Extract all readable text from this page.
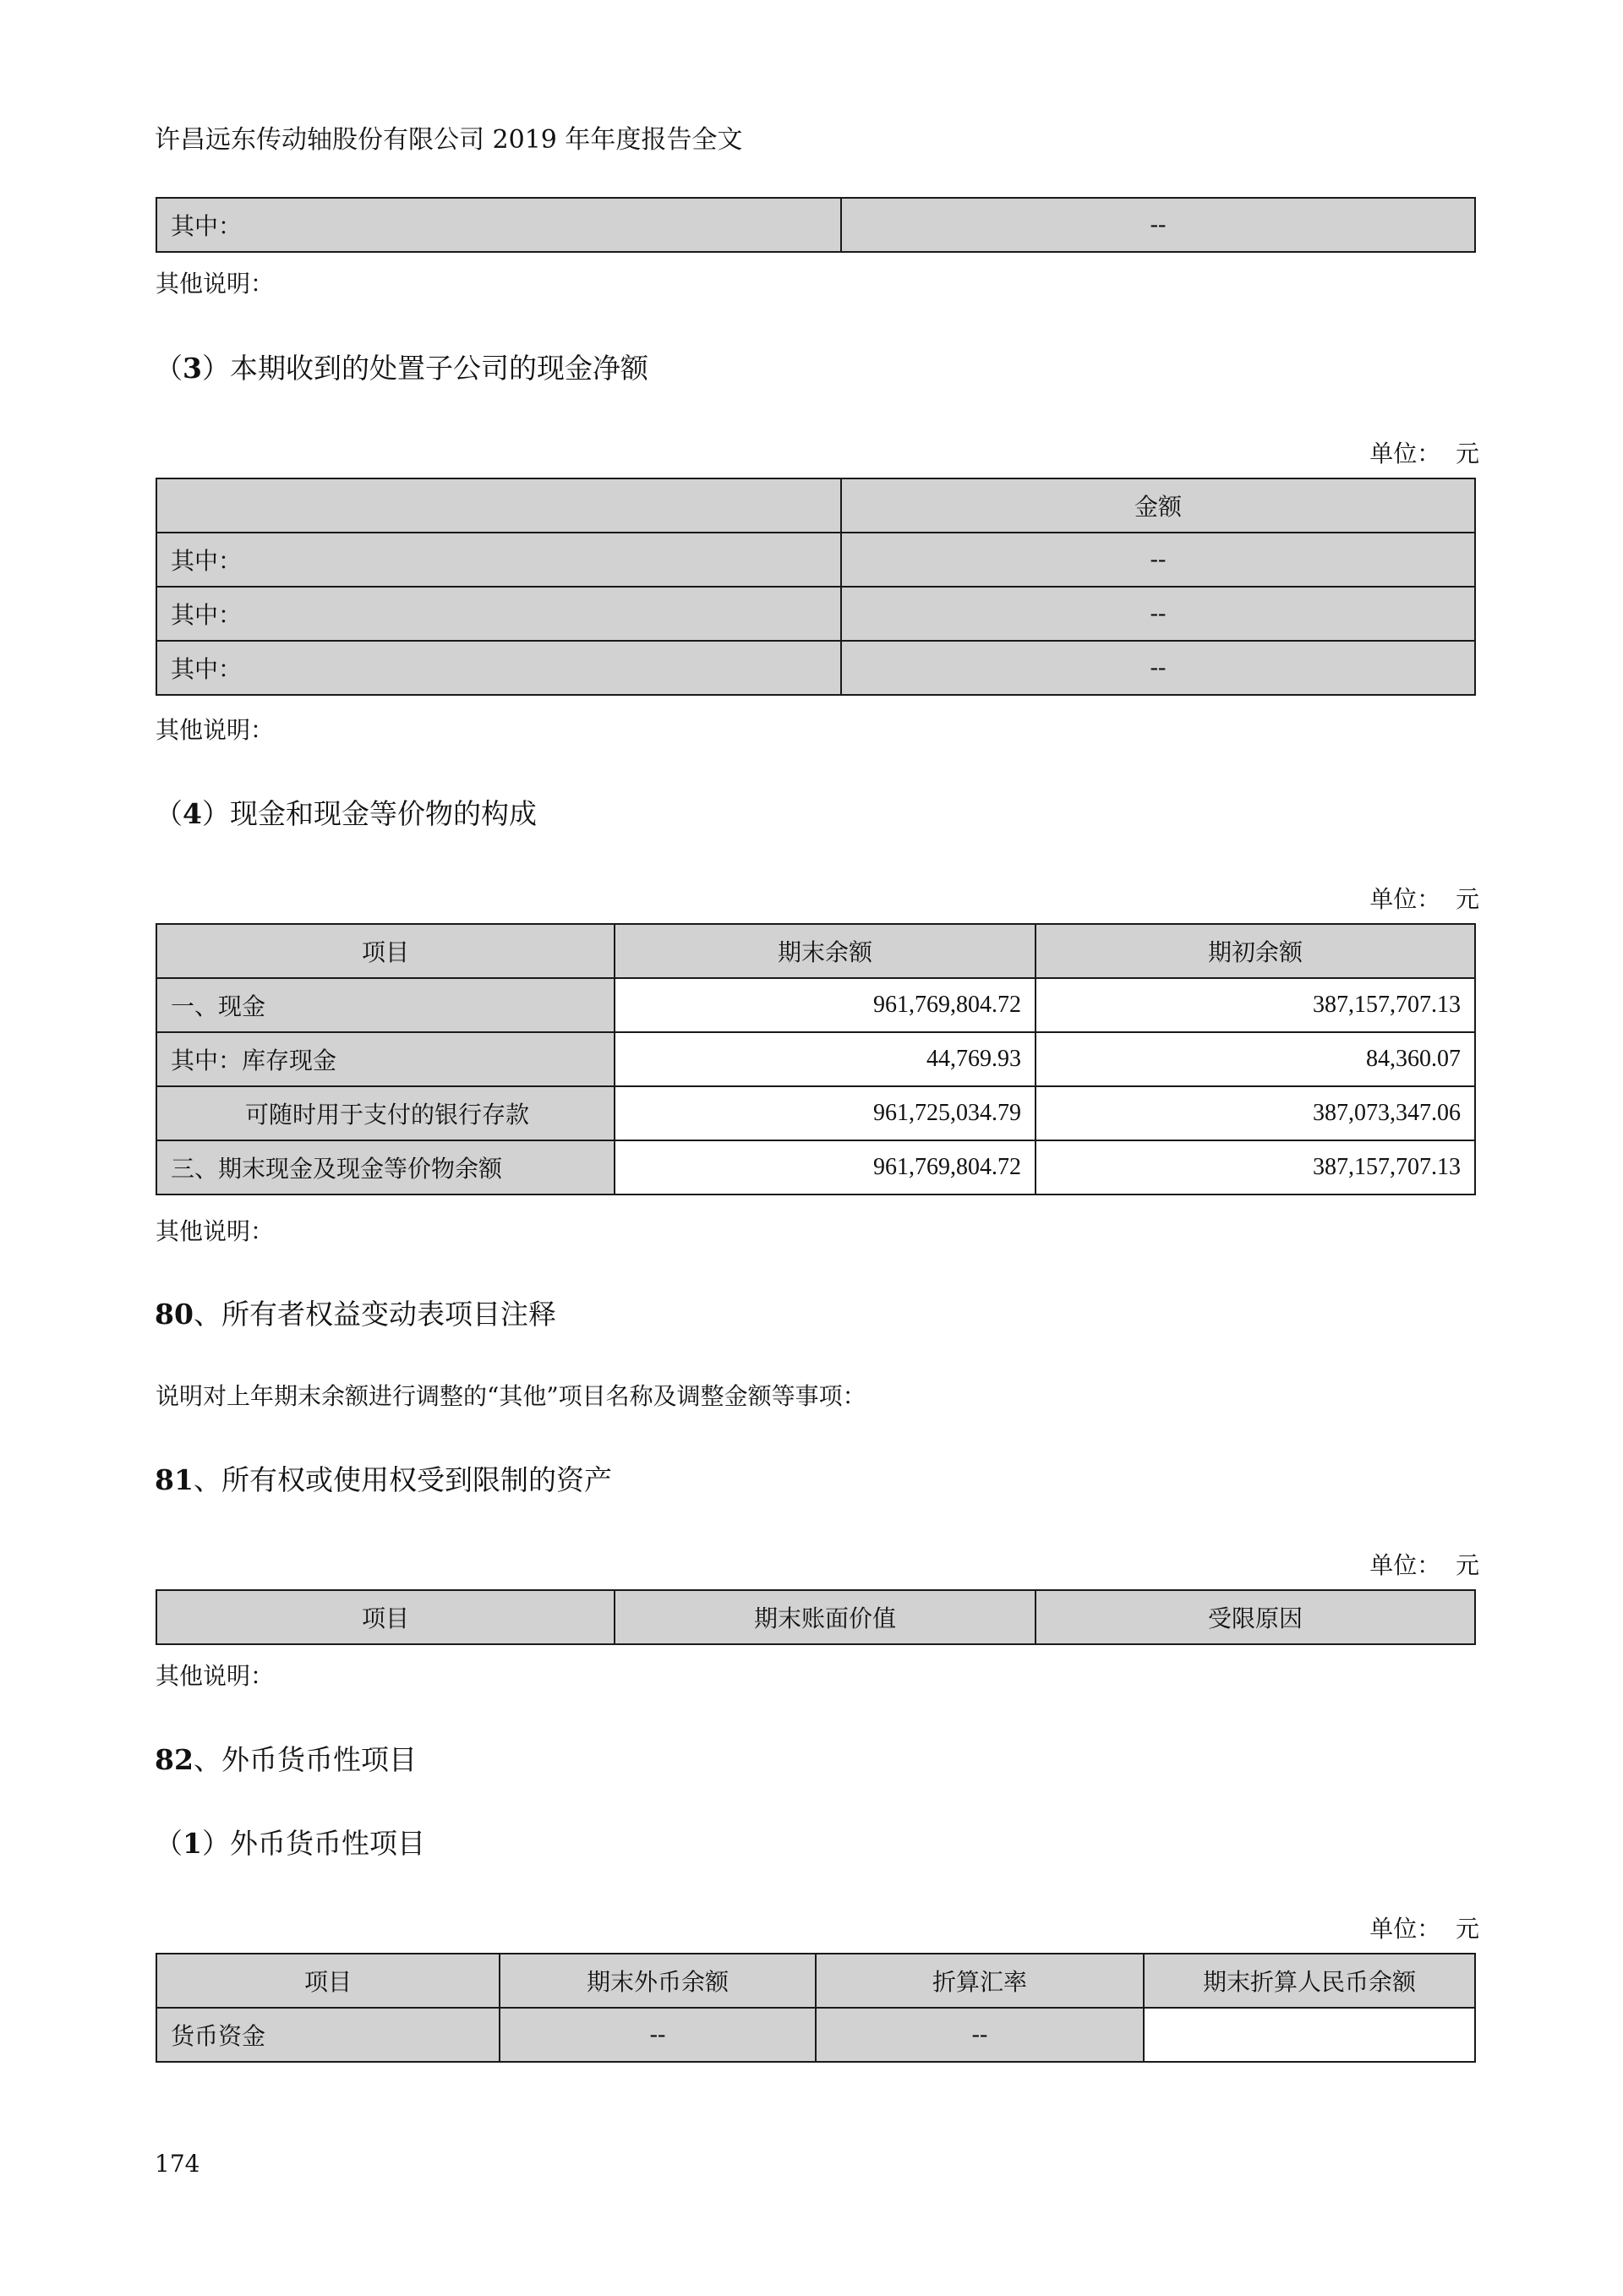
许昌远东传动轴股份有限公司 2019 年年度报告全文
其中：	--
其他说明：
（3）本期收到的处置子公司的现金净额
单位：  元
	金额
其中：	--
其中：	--
其中：	--
其他说明：
（4）现金和现金等价物的构成
单位：  元
项目	期末余额	期初余额
一、现金	961,769,804.72	387,157,707.13
其中：库存现金	44,769.93	84,360.07
可随时用于支付的银行存款	961,725,034.79	387,073,347.06
三、期末现金及现金等价物余额	961,769,804.72	387,157,707.13
其他说明：
80、所有者权益变动表项目注释
说明对上年期末余额进行调整的“其他”项目名称及调整金额等事项：
81、所有权或使用权受到限制的资产
单位：  元
项目	期末账面价值	受限原因
其他说明：
82、外币货币性项目
（1）外币货币性项目
单位：  元
项目	期末外币余额	折算汇率	期末折算人民币余额
货币资金	--	--	
174
